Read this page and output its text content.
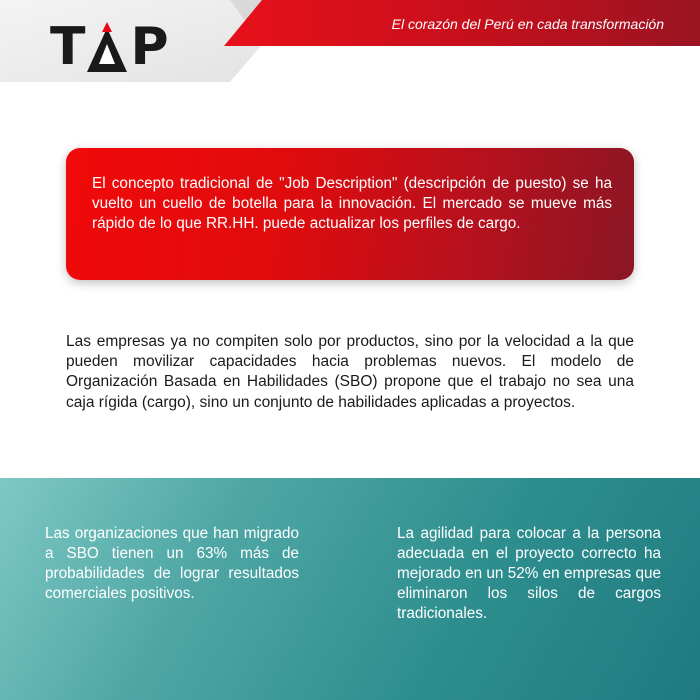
T P	El corazón del Perú en cada transformación

El concepto tradicional de "Job Description" (descripción de puesto) se ha vuelto un cuello de botella para la innovación. El mercado se mueve más rápido de lo que RR.HH. puede actualizar los perfiles de cargo.

Las empresas ya no compiten solo por productos, sino por la velocidad a la que pueden movilizar capacidades hacia problemas nuevos. El modelo de Organización Basada en Habilidades (SBO) propone que el trabajo no sea una caja rígida (cargo), sino un conjunto de habilidades aplicadas a proyectos.

Las organizaciones que han migrado a SBO tienen un 63% más de probabilidades de lograr resultados comerciales positivos.

La agilidad para colocar a la persona adecuada en el proyecto correcto ha mejorado en un 52% en empresas que eliminaron los silos de cargos tradicionales.
